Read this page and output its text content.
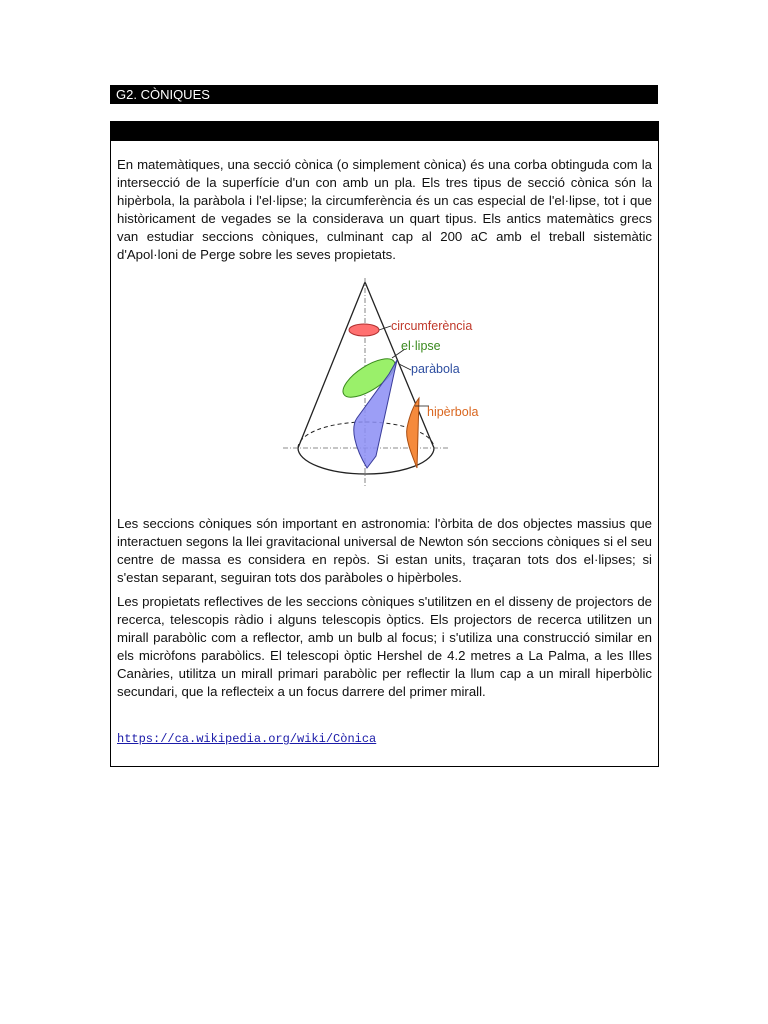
G2. CÒNIQUES

En matemàtiques, una secció cònica (o simplement cònica) és una corba obtinguda com la intersecció de la superfície d'un con amb un pla. Els tres tipus de secció cònica són la hipèrbola, la paràbola i l'el·lipse; la circumferència és un cas especial de l'el·lipse, tot i que històricament de vegades se la considerava un quart tipus. Els antics matemàtics grecs van estudiar seccions còniques, culminant cap al 200 aC amb el treball sistemàtic d'Apol·loni de Perge sobre les seves propietats.

circumferència
el·lipse
paràbola
hipèrbola

Les seccions còniques són important en astronomia: l'òrbita de dos objectes massius que interactuen segons la llei gravitacional universal de Newton són seccions còniques si el seu centre de massa es considera en repòs. Si estan units, traçaran tots dos el·lipses; si s'estan separant, seguiran tots dos paràboles o hipèrboles.

Les propietats reflectives de les seccions còniques s'utilitzen en el disseny de projectors de recerca, telescopis ràdio i alguns telescopis òptics. Els projectors de recerca utilitzen un mirall parabòlic com a reflector, amb un bulb al focus; i s'utiliza una construcció similar en els micròfons parabòlics. El telescopi òptic Hershel de 4.2 metres a La Palma, a les Illes Canàries, utilitza un mirall primari parabòlic per reflectir la llum cap a un mirall hiperbòlic secundari, que la reflecteix a un focus darrere del primer mirall.

https://ca.wikipedia.org/wiki/Cònica
